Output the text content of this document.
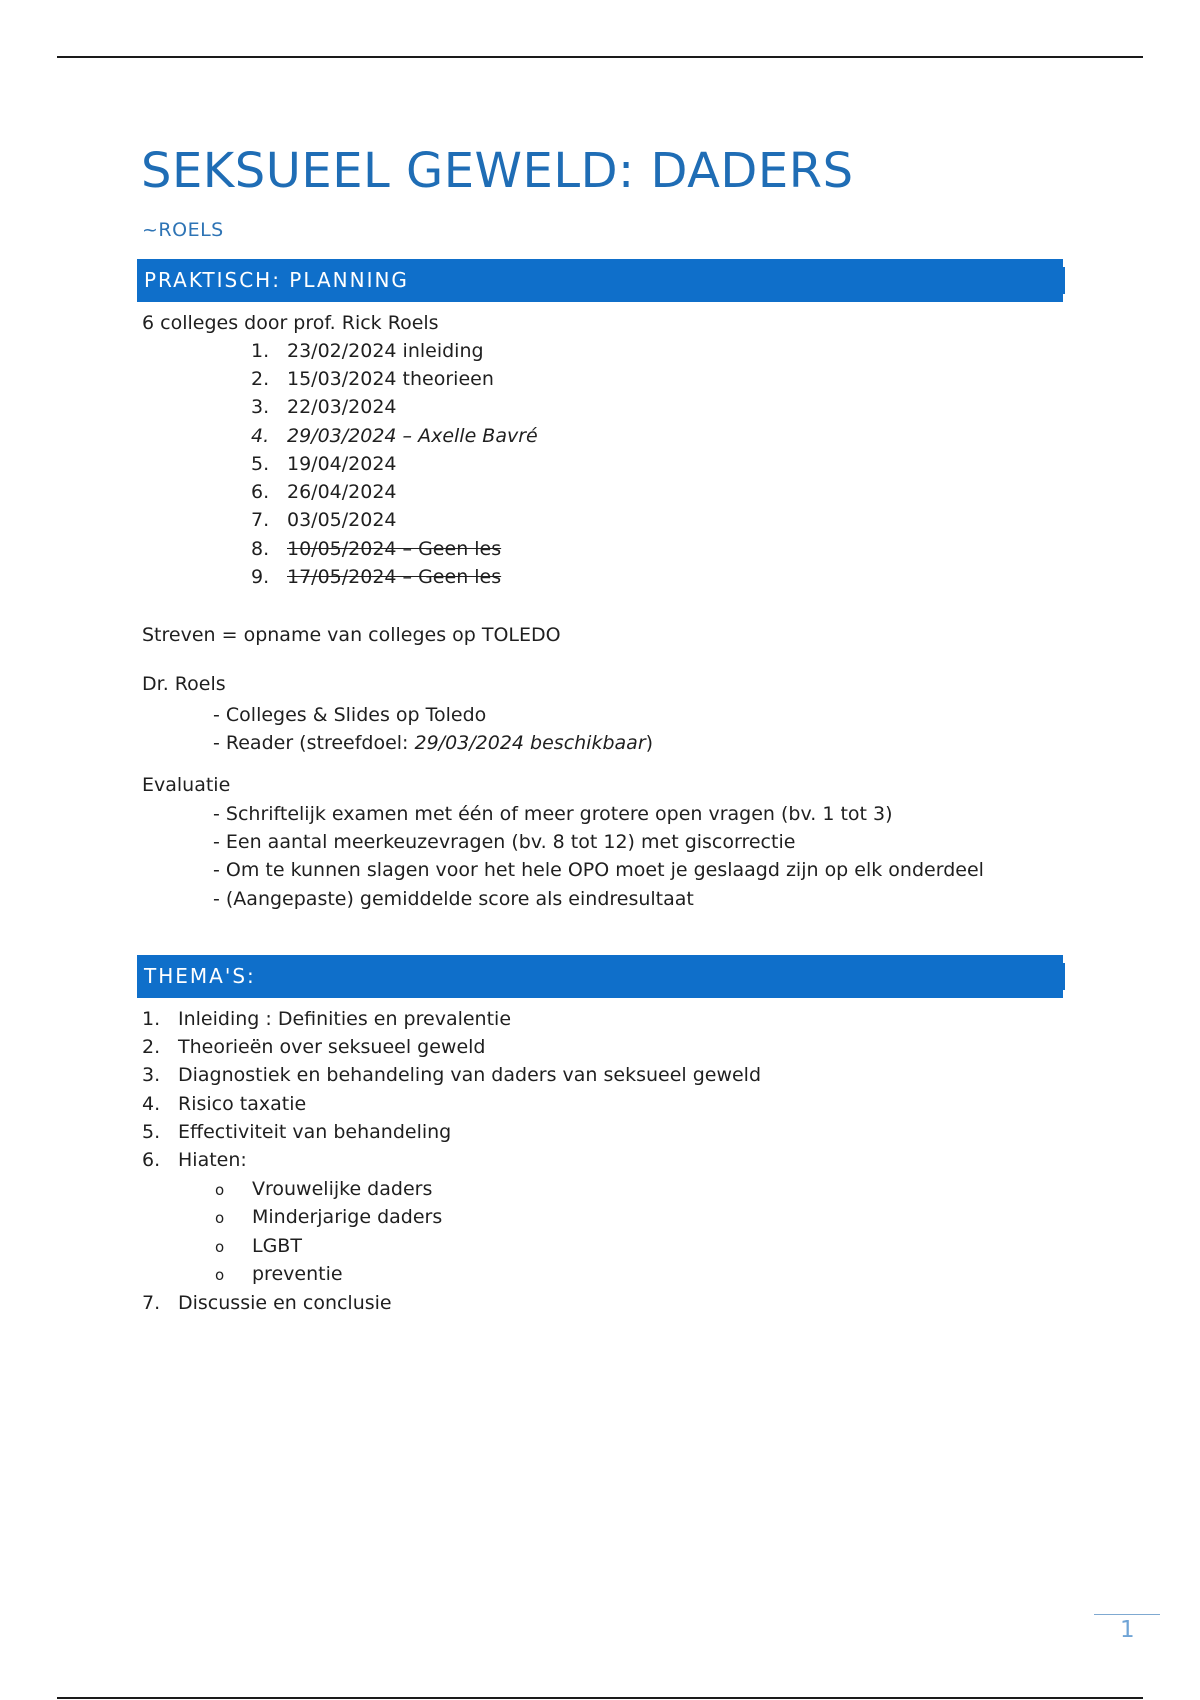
SEKSUEEL GEWELD: DADERS
~ROELS
PRAKTISCH: PLANNING
6 colleges door prof. Rick Roels
1. 23/02/2024 inleiding
2. 15/03/2024 theorieen
3. 22/03/2024
4. 29/03/2024 – Axelle Bavré
5. 19/04/2024
6. 26/04/2024
7. 03/05/2024
8. 10/05/2024 – Geen les
9. 17/05/2024 – Geen les
Streven = opname van colleges op TOLEDO
Dr. Roels
- Colleges & Slides op Toledo
- Reader (streefdoel: 29/03/2024 beschikbaar)
Evaluatie
- Schriftelijk examen met één of meer grotere open vragen (bv. 1 tot 3)
- Een aantal meerkeuzevragen (bv. 8 tot 12) met giscorrectie
- Om te kunnen slagen voor het hele OPO moet je geslaagd zijn op elk onderdeel
- (Aangepaste) gemiddelde score als eindresultaat
THEMA'S:
1. Inleiding : Definities en prevalentie
2. Theorieën over seksueel geweld
3. Diagnostiek en behandeling van daders van seksueel geweld
4. Risico taxatie
5. Effectiviteit van behandeling
6. Hiaten:
o Vrouwelijke daders
o Minderjarige daders
o LGBT
o preventie
7. Discussie en conclusie
1
